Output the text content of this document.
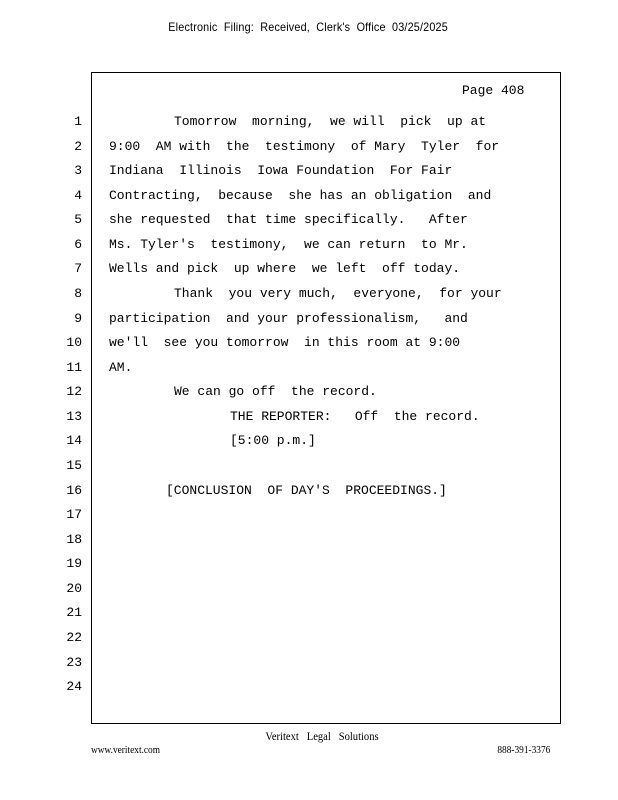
Electronic  Filing:  Received,  Clerk's  Office  03/25/2025
Page 408
1	Tomorrow  morning,  we will  pick  up at
2 9:00  AM with  the  testimony  of Mary  Tyler  for
3 Indiana  Illinois  Iowa Foundation  For Fair
4 Contracting,  because  she has an obligation  and
5 she requested  that time specifically.   After
6 Ms. Tyler's  testimony,  we can return  to Mr.
7 Wells and pick  up where  we left  off today.
8	Thank  you very much,  everyone,  for your
9 participation  and your professionalism,   and
10 we'll  see you tomorrow  in this room at 9:00
11 AM.
12	We can go off  the record.
13	THE REPORTER:   Off  the record.
14	[5:00 p.m.]
15
16	[CONCLUSION  OF DAY'S  PROCEEDINGS.]
17
18
19
20
21
22
23
24
Veritext   Legal   Solutions
www.veritext.com	888-391-3376
